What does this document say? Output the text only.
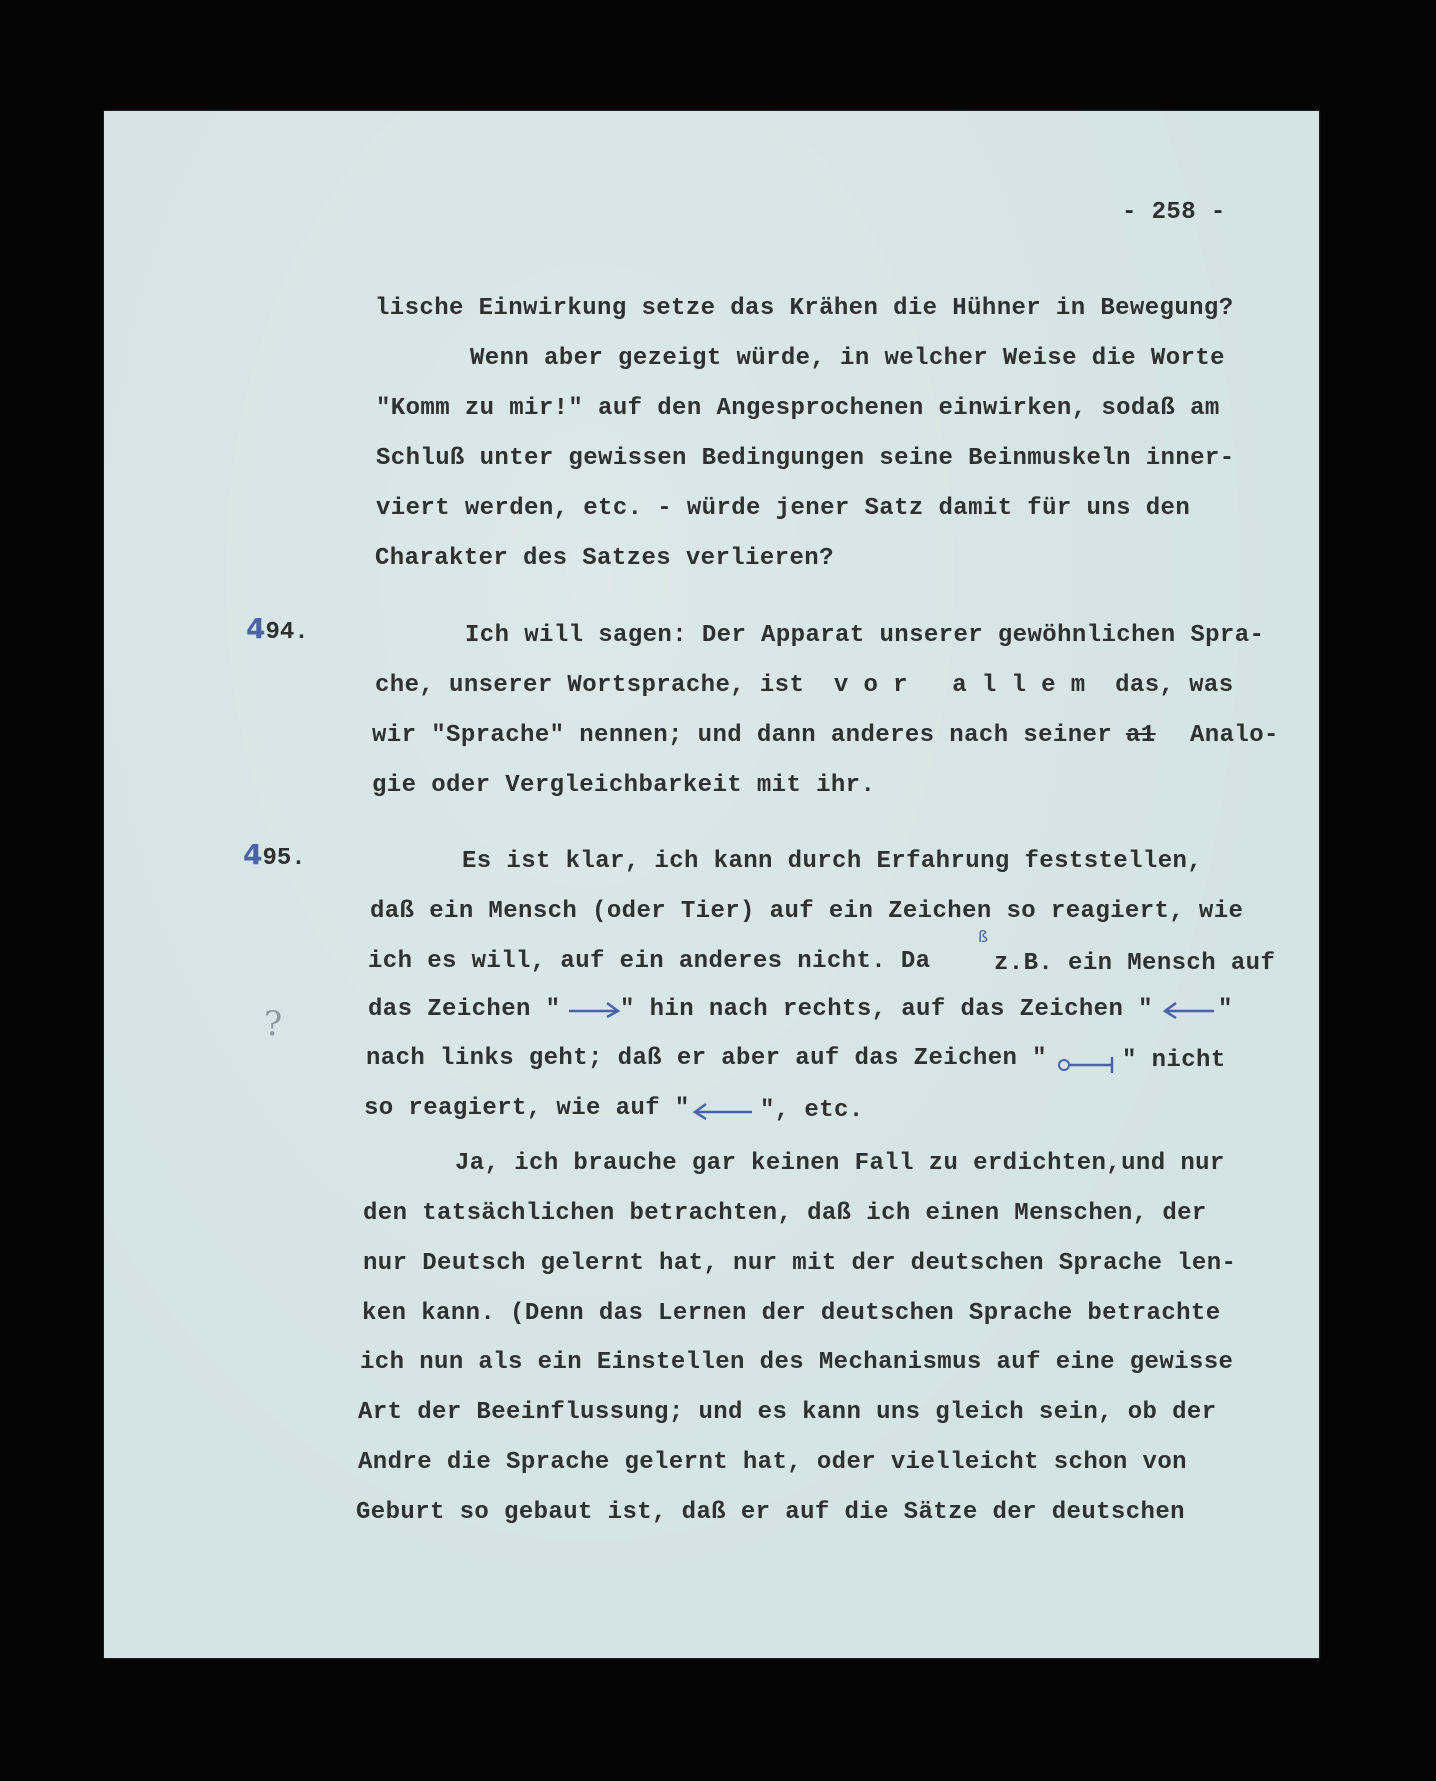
- 258 -
lische Einwirkung setze das Krähen die Hühner in Bewegung?
Wenn aber gezeigt würde, in welcher Weise die Worte
"Komm zu mir!" auf den Angesprochenen einwirken, sodaß am
Schluß unter gewissen Bedingungen seine Beinmuskeln inner-
viert werden, etc. - würde jener Satz damit für uns den
Charakter des Satzes verlieren?
494.	Ich will sagen: Der Apparat unserer gewöhnlichen Spra-
che, unserer Wortsprache, ist  v o r   a l l e m  das, was
wir "Sprache" nennen; und dann anderes nach seiner a1 Analo-
gie oder Vergleichbarkeit mit ihr.
495.	Es ist klar, ich kann durch Erfahrung feststellen,
daß ein Mensch (oder Tier) auf ein Zeichen so reagiert, wie
ich es will, auf ein anderes nicht. Da
ß
z.B. ein Mensch auf
das Zeichen " " hin nach rechts, auf das Zeichen "	"
nach links geht; daß er aber auf das Zeichen "	" nicht
so reagiert, wie auf "	", etc.
Ja, ich brauche gar keinen Fall zu erdichten,und nur
den tatsächlichen betrachten, daß ich einen Menschen, der
nur Deutsch gelernt hat, nur mit der deutschen Sprache len-
ken kann. (Denn das Lernen der deutschen Sprache betrachte
ich nun als ein Einstellen des Mechanismus auf eine gewisse
Art der Beeinflussung; und es kann uns gleich sein, ob der
Andre die Sprache gelernt hat, oder vielleicht schon von
Geburt so gebaut ist, daß er auf die Sätze der deutschen
?
